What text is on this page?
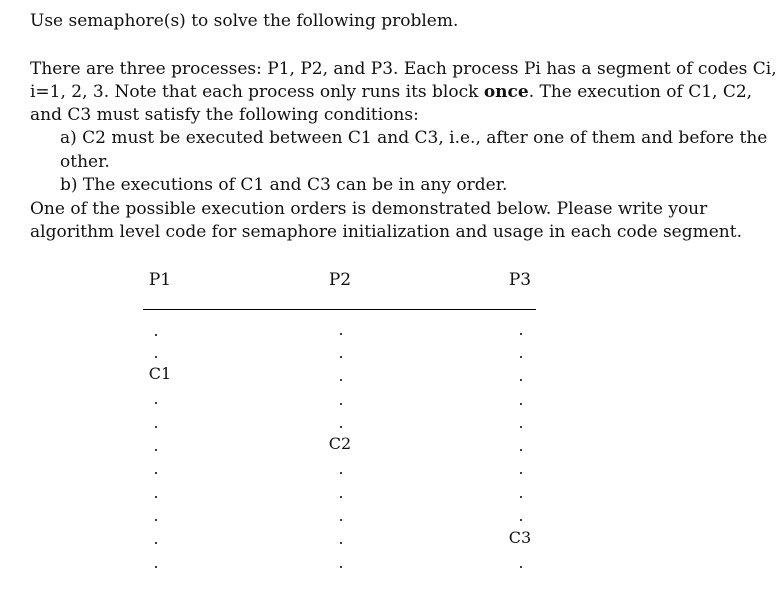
Use semaphore(s) to solve the following problem.
There are three processes: P1, P2, and P3. Each process Pi has a segment of codes Ci,
i=1, 2, 3. Note that each process only runs its block once. The execution of C1, C2,
and C3 must satisfy the following conditions:
a) C2 must be executed between C1 and C3, i.e., after one of them and before the
other.
b) The executions of C1 and C3 can be in any order.
One of the possible execution orders is demonstrated below. Please write your
algorithm level code for semaphore initialization and usage in each code segment.
P1	P2	P3
C1
C2
C3
